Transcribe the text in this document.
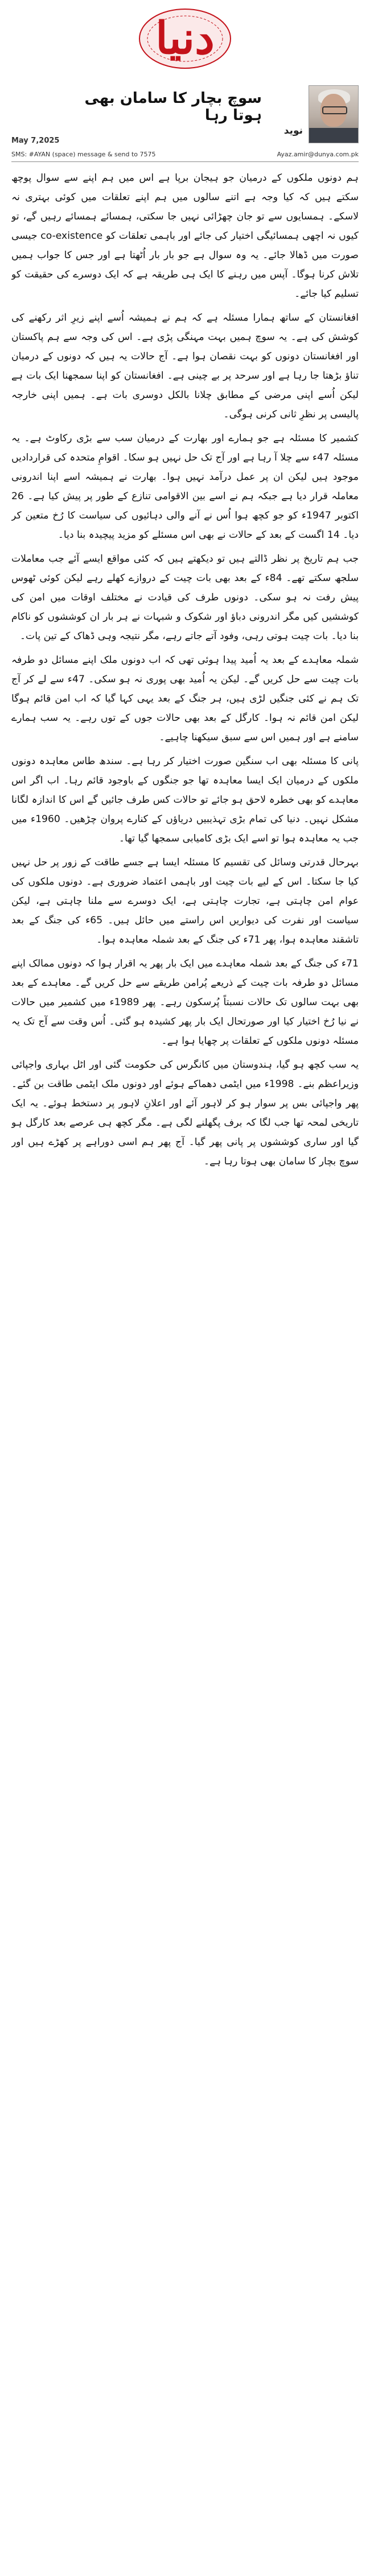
دنیا
نوید
سوچ بچار کا سامان بھی ہوتا رہا
May 7,2025
SMS: #AYAN (space) message & send to 7575	Ayaz.amir@dunya.com.pk

ہم دونوں ملکوں کے درمیان جو ہیجان برپا ہے اس میں ہم اپنے سے سوال پوچھ سکتے ہیں کہ کیا وجہ ہے اتنے سالوں میں ہم اپنے تعلقات میں کوئی بہتری نہ لاسکے۔ ہمسایوں سے تو جان چھڑائی نہیں جا سکتی، ہمسائے ہمسائے رہیں گے، تو کیوں نہ اچھی ہمسائیگی اختیار کی جائے اور باہمی تعلقات کو co-existence جیسی صورت میں ڈھالا جائے۔ یہ وہ سوال ہے جو بار بار اُٹھتا ہے اور جس کا جواب ہمیں تلاش کرنا ہوگا۔ آپس میں رہنے کا ایک ہی طریقہ ہے کہ ایک دوسرے کی حقیقت کو تسلیم کیا جائے۔

افغانستان کے ساتھ ہمارا مسئلہ ہے کہ ہم نے ہمیشہ اُسے اپنے زیرِ اثر رکھنے کی کوشش کی ہے۔ یہ سوچ ہمیں بہت مہنگی پڑی ہے۔ اس کی وجہ سے ہم پاکستان اور افغانستان دونوں کو بہت نقصان ہوا ہے۔ آج حالات یہ ہیں کہ دونوں کے درمیان تناؤ بڑھتا جا رہا ہے اور سرحد پر بے چینی ہے۔ افغانستان کو اپنا سمجھنا ایک بات ہے لیکن اُسے اپنی مرضی کے مطابق چلانا بالکل دوسری بات ہے۔ ہمیں اپنی خارجہ پالیسی پر نظرِ ثانی کرنی ہوگی۔

کشمیر کا مسئلہ ہے جو ہمارے اور بھارت کے درمیان سب سے بڑی رکاوٹ ہے۔ یہ مسئلہ 47ء سے چلا آ رہا ہے اور آج تک حل نہیں ہو سکا۔ اقوامِ متحدہ کی قراردادیں موجود ہیں لیکن ان پر عمل درآمد نہیں ہوا۔ بھارت نے ہمیشہ اسے اپنا اندرونی معاملہ قرار دیا ہے جبکہ ہم نے اسے بین الاقوامی تنازع کے طور پر پیش کیا ہے۔ 26 اکتوبر 1947ء کو جو کچھ ہوا اُس نے آنے والی دہائیوں کی سیاست کا رُخ متعین کر دیا۔ 14 اگست کے بعد کے حالات نے بھی اس مسئلے کو مزید پیچیدہ بنا دیا۔

جب ہم تاریخ پر نظر ڈالتے ہیں تو دیکھتے ہیں کہ کئی مواقع ایسے آئے جب معاملات سلجھ سکتے تھے۔ 84ء کے بعد بھی بات چیت کے دروازے کھلے رہے لیکن کوئی ٹھوس پیش رفت نہ ہو سکی۔ دونوں طرف کی قیادت نے مختلف اوقات میں امن کی کوششیں کیں مگر اندرونی دباؤ اور شکوک و شبہات نے ہر بار ان کوششوں کو ناکام بنا دیا۔ بات چیت ہوتی رہی، وفود آتے جاتے رہے، مگر نتیجہ وہی ڈھاک کے تین پات۔

شملہ معاہدے کے بعد یہ اُمید پیدا ہوئی تھی کہ اب دونوں ملک اپنے مسائل دو طرفہ بات چیت سے حل کریں گے۔ لیکن یہ اُمید بھی پوری نہ ہو سکی۔ 47ء سے لے کر آج تک ہم نے کئی جنگیں لڑی ہیں، ہر جنگ کے بعد یہی کہا گیا کہ اب امن قائم ہوگا لیکن امن قائم نہ ہوا۔ کارگل کے بعد بھی حالات جوں کے توں رہے۔ یہ سب ہمارے سامنے ہے اور ہمیں اس سے سبق سیکھنا چاہیے۔

پانی کا مسئلہ بھی اب سنگین صورت اختیار کر رہا ہے۔ سندھ طاس معاہدہ دونوں ملکوں کے درمیان ایک ایسا معاہدہ تھا جو جنگوں کے باوجود قائم رہا۔ اب اگر اس معاہدے کو بھی خطرہ لاحق ہو جائے تو حالات کس طرف جائیں گے اس کا اندازہ لگانا مشکل نہیں۔ دنیا کی تمام بڑی تہذیبیں دریاؤں کے کنارے پروان چڑھیں۔ 1960ء میں جب یہ معاہدہ ہوا تو اسے ایک بڑی کامیابی سمجھا گیا تھا۔

بہرحال قدرتی وسائل کی تقسیم کا مسئلہ ایسا ہے جسے طاقت کے زور پر حل نہیں کیا جا سکتا۔ اس کے لیے بات چیت اور باہمی اعتماد ضروری ہے۔ دونوں ملکوں کی عوام امن چاہتی ہے، تجارت چاہتی ہے، ایک دوسرے سے ملنا چاہتی ہے، لیکن سیاست اور نفرت کی دیواریں اس راستے میں حائل ہیں۔ 65ء کی جنگ کے بعد تاشقند معاہدہ ہوا، پھر 71ء کی جنگ کے بعد شملہ معاہدہ ہوا۔

71ء کی جنگ کے بعد شملہ معاہدے میں ایک بار پھر یہ اقرار ہوا کہ دونوں ممالک اپنے مسائل دو طرفہ بات چیت کے ذریعے پُرامن طریقے سے حل کریں گے۔ معاہدے کے بعد بھی بہت سالوں تک حالات نسبتاً پُرسکون رہے۔ پھر 1989ء میں کشمیر میں حالات نے نیا رُخ اختیار کیا اور صورتحال ایک بار پھر کشیدہ ہو گئی۔ اُس وقت سے آج تک یہ مسئلہ دونوں ملکوں کے تعلقات پر چھایا ہوا ہے۔

یہ سب کچھ ہو گیا، ہندوستان میں کانگرس کی حکومت گئی اور اٹل بہاری واجپائی وزیراعظم بنے۔ 1998ء میں ایٹمی دھماکے ہوئے اور دونوں ملک ایٹمی طاقت بن گئے۔ پھر واجپائی بس پر سوار ہو کر لاہور آئے اور اعلانِ لاہور پر دستخط ہوئے۔ یہ ایک تاریخی لمحہ تھا جب لگا کہ برف پگھلنے لگی ہے۔ مگر کچھ ہی عرصے بعد کارگل ہو گیا اور ساری کوششوں پر پانی پھر گیا۔ آج پھر ہم اسی دوراہے پر کھڑے ہیں اور سوچ بچار کا سامان بھی ہوتا رہا ہے۔
